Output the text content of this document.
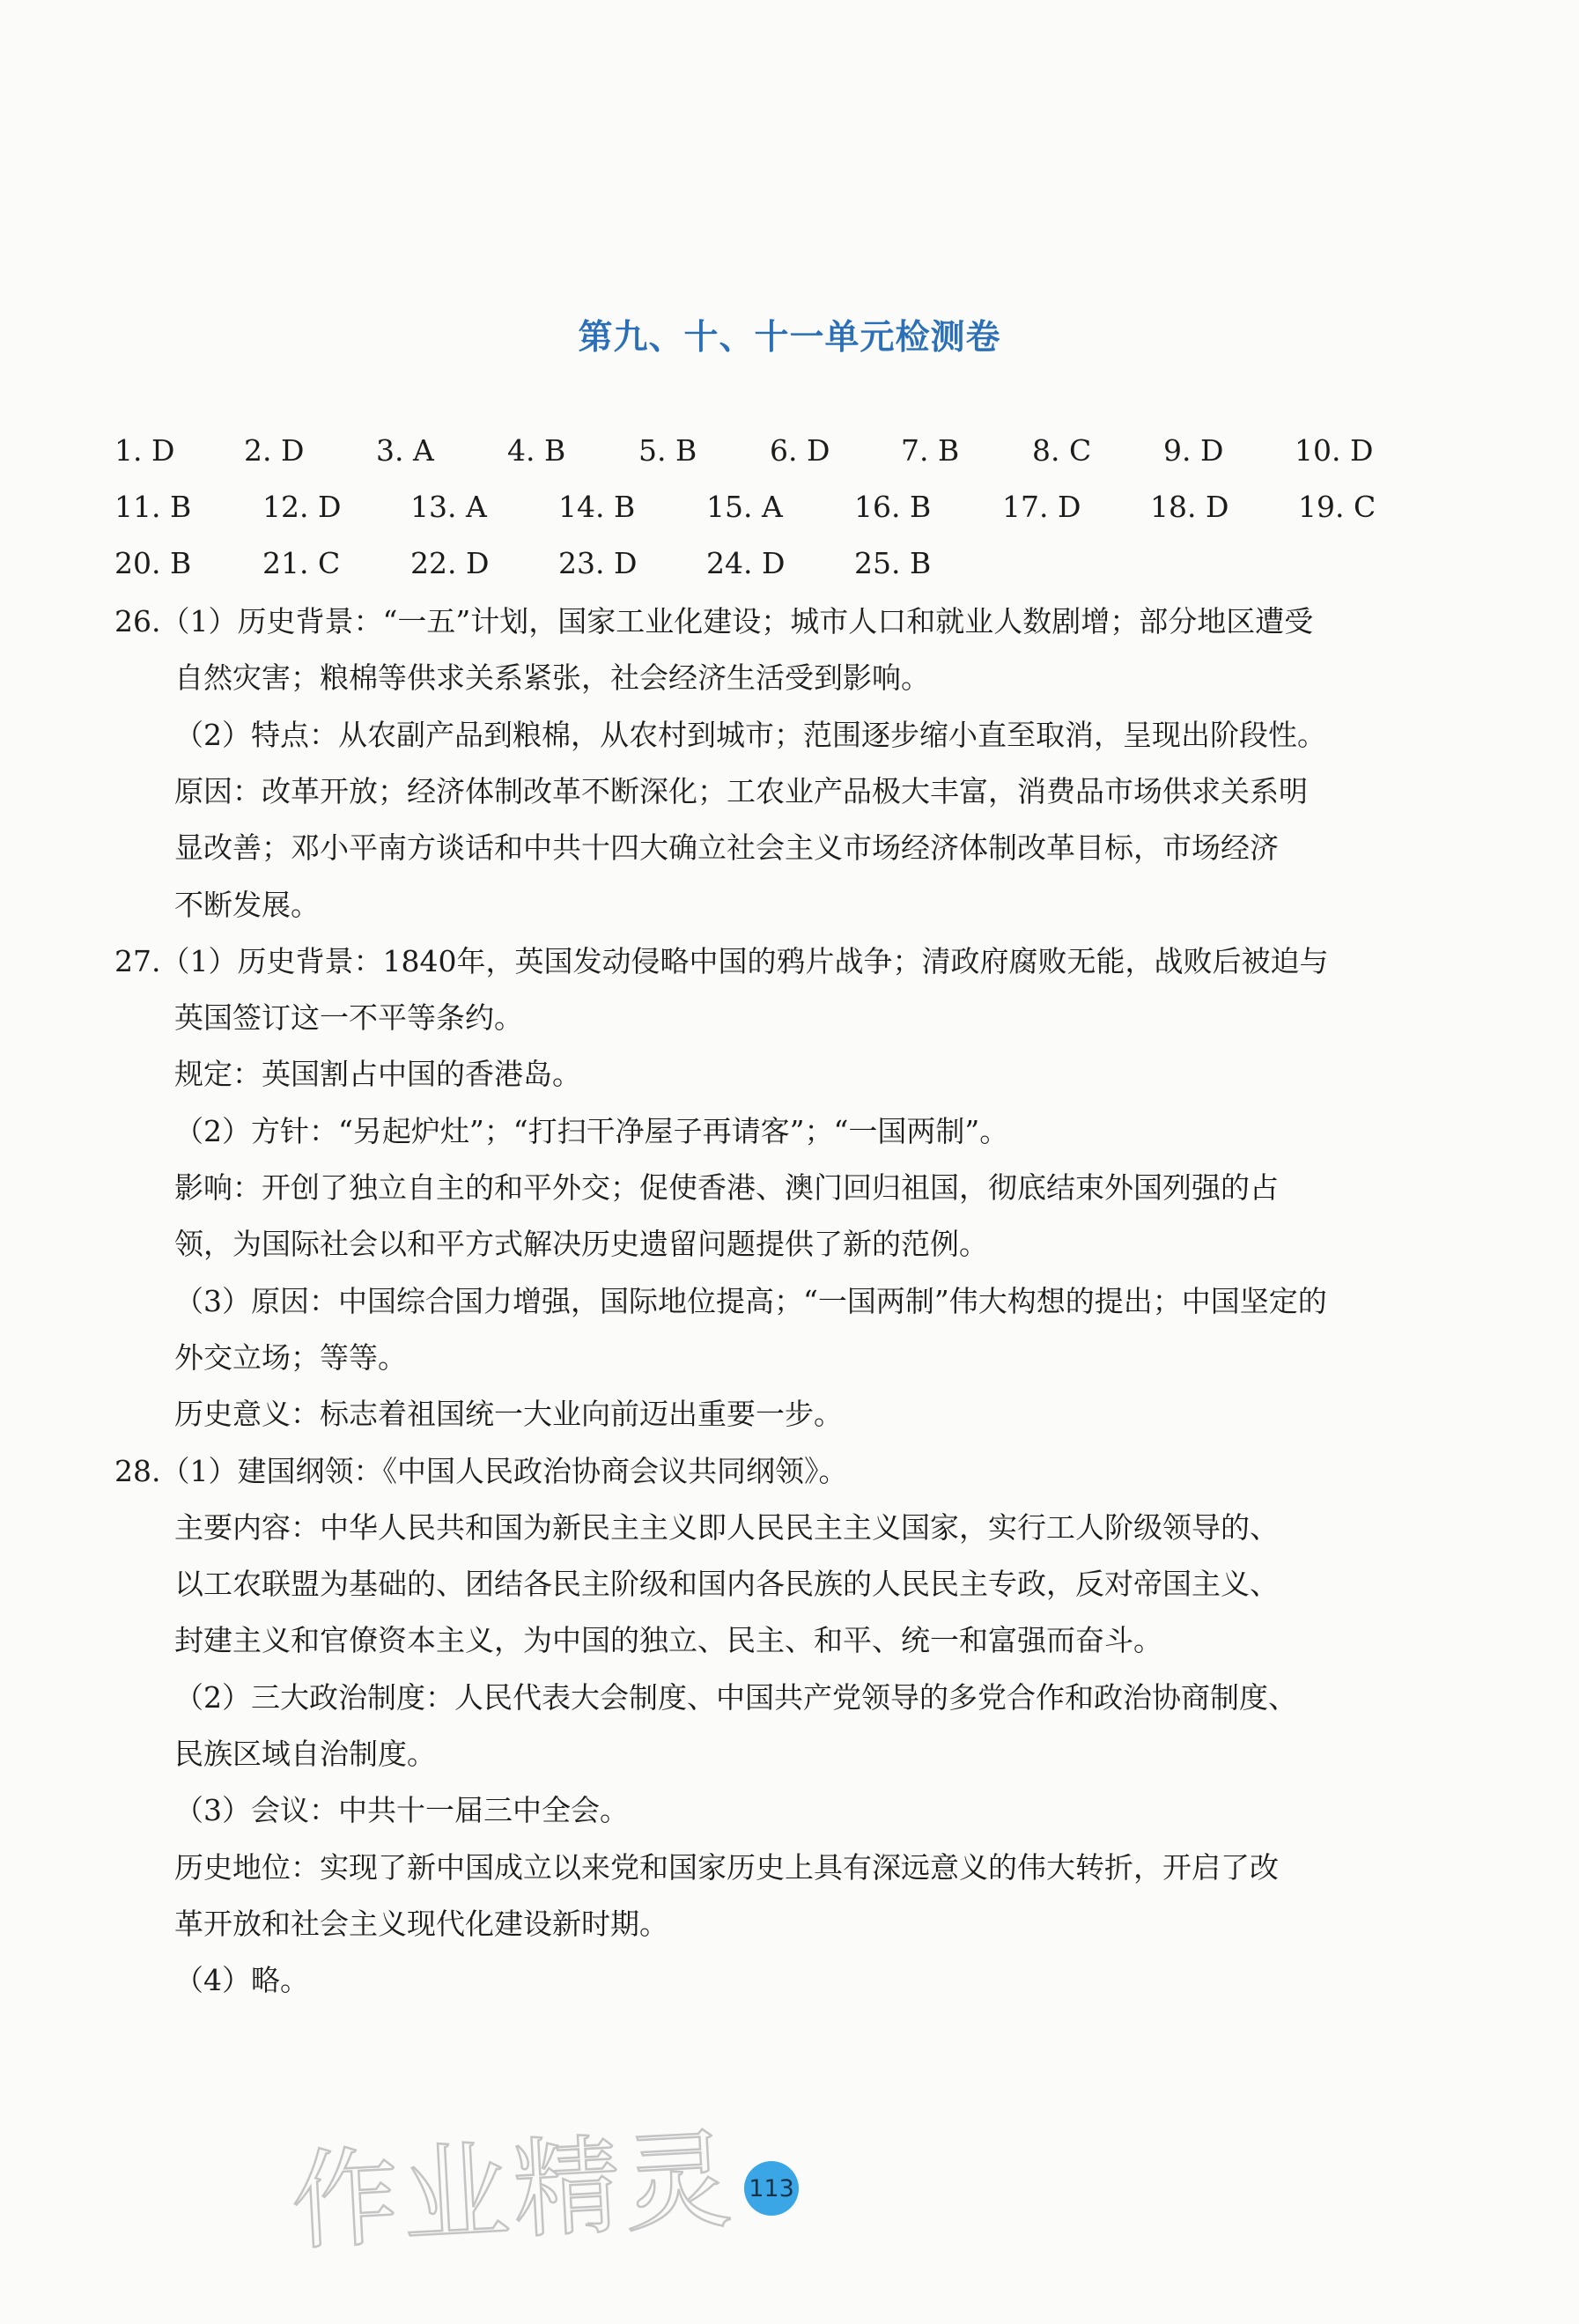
第九、十、十一单元检测卷
1. D 2. D 3. A	4. B	5. B	6. D 7. B	8. C 9. D 10. D
11. B 12. D 13. A 14. B 15. A 16. B 17. D 18. D 19. C
20. B 21. C 22. D 23. D 24. D 25. B
26.（1）历史背景：“一五”计划，国家工业化建设；城市人口和就业人数剧增；部分地区遭受
自然灾害；粮棉等供求关系紧张，社会经济生活受到影响。
（2）特点：从农副产品到粮棉，从农村到城市；范围逐步缩小直至取消，呈现出阶段性。
原因：改革开放；经济体制改革不断深化；工农业产品极大丰富，消费品市场供求关系明
显改善；邓小平南方谈话和中共十四大确立社会主义市场经济体制改革目标，市场经济
不断发展。
27.（1）历史背景：1840年，英国发动侵略中国的鸦片战争；清政府腐败无能，战败后被迫与
英国签订这一不平等条约。
规定：英国割占中国的香港岛。
（2）方针：“另起炉灶”；“打扫干净屋子再请客”；“一国两制”。
影响：开创了独立自主的和平外交；促使香港、澳门回归祖国，彻底结束外国列强的占
领，为国际社会以和平方式解决历史遗留问题提供了新的范例。
（3）原因：中国综合国力增强，国际地位提高；“一国两制”伟大构想的提出；中国坚定的
外交立场；等等。
历史意义：标志着祖国统一大业向前迈出重要一步。
28.（1）建国纲领：《中国人民政治协商会议共同纲领》。
主要内容：中华人民共和国为新民主主义即人民民主主义国家，实行工人阶级领导的、
以工农联盟为基础的、团结各民主阶级和国内各民族的人民民主专政，反对帝国主义、
封建主义和官僚资本主义，为中国的独立、民主、和平、统一和富强而奋斗。
（2）三大政治制度：人民代表大会制度、中国共产党领导的多党合作和政治协商制度、
民族区域自治制度。
（3）会议：中共十一届三中全会。
历史地位：实现了新中国成立以来党和国家历史上具有深远意义的伟大转折，开启了改
革开放和社会主义现代化建设新时期。
（4）略。
作业精灵 113
